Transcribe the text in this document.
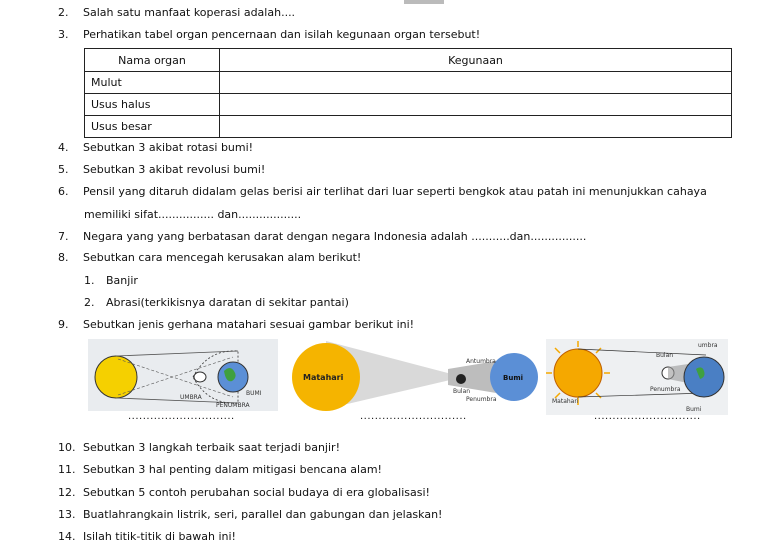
2. Salah satu manfaat koperasi adalah....
3. Perhatikan tabel organ pencernaan dan isilah kegunaan organ tersebut!
Nama organ	Kegunaan
Mulut	
Usus halus	
Usus besar	
4. Sebutkan 3 akibat rotasi bumi!
5. Sebutkan 3 akibat revolusi bumi!
6. Pensil yang ditaruh didalam gelas berisi air terlihat dari luar seperti bengkok atau patah ini menunjukkan cahaya
memiliki sifat................ dan..................
7. Negara yang yang berbatasan darat dengan negara Indonesia adalah ...........dan................
8. Sebutkan cara mencegah kerusakan alam berikut!
1. Banjir
2. Abrasi(terkikisnya daratan di sekitar pantai)
9. Sebutkan jenis gerhana matahari sesuai gambar berikut ini!
BUMI
UMBRA
PENUMBRA
Matahari	Bumi
Bulan
Antumbra
Penumbra
Bulan
umbra
Penumbra
Matahari
Bumi
.............................	.............................	.............................
10. Sebutkan 3 langkah terbaik saat terjadi banjir!
11. Sebutkan 3 hal penting dalam mitigasi bencana alam!
12. Sebutkan 5 contoh perubahan social budaya di era globalisasi!
13. Buatlahrangkain listrik, seri, parallel dan gabungan dan jelaskan!
14. Isilah titik-titik di bawah ini!
